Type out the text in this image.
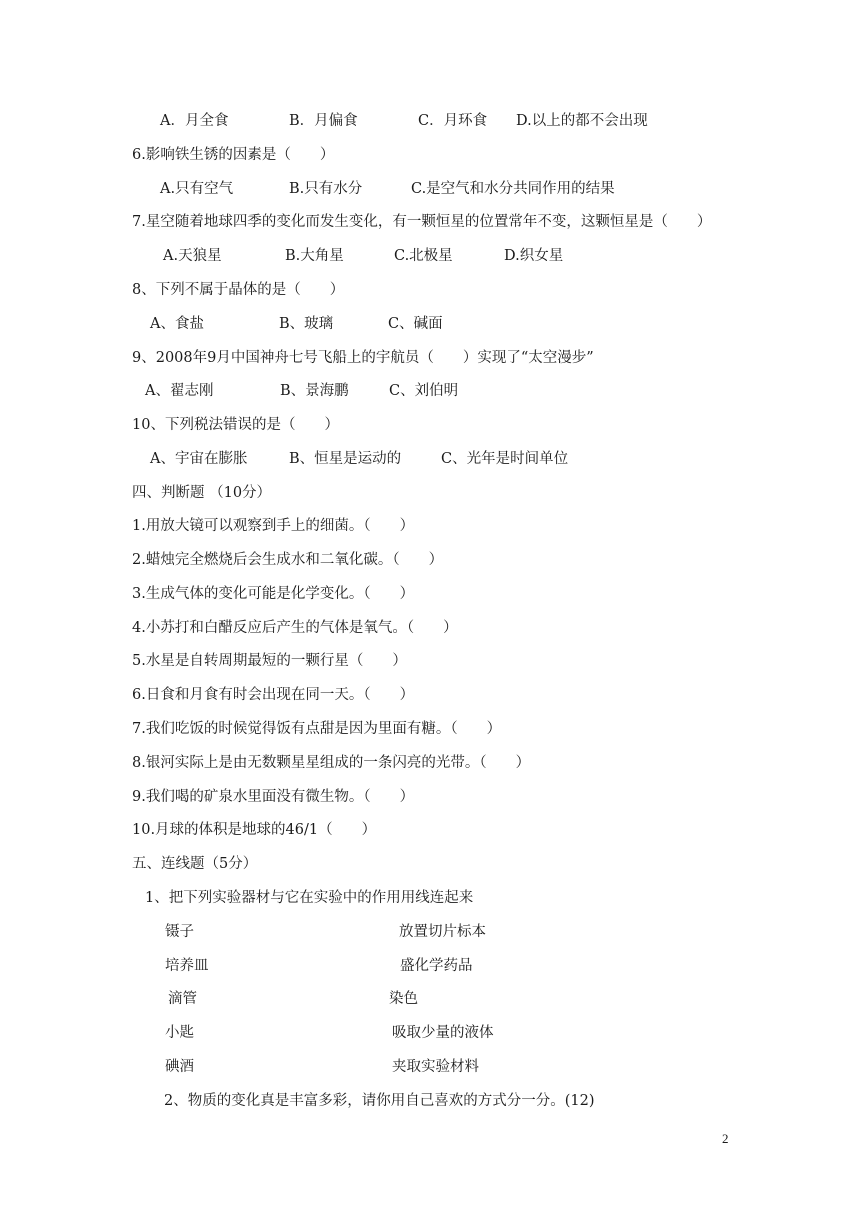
A．月全食	B．月偏食	C．月环食 D.以上的都不会出现
6.影响铁生锈的因素是（　　）
A.只有空气	B.只有水分	C.是空气和水分共同作用的结果
7.星空随着地球四季的变化而发生变化，有一颗恒星的位置常年不变，这颗恒星是（　　）
A.天狼星	B.大角星	C.北极星	D.织女星
8、下列不属于晶体的是（　　）
A、食盐	B、玻璃	C、碱面
9、2008年9月中国神舟七号飞船上的宇航员（　　）实现了“太空漫步”
A、翟志刚	B、景海鹏	C、刘伯明
10、下列税法错误的是（　　）
A、宇宙在膨胀	B、恒星是运动的	C、光年是时间单位
四、判断题 （10分）
1.用放大镜可以观察到手上的细菌。（　　）
2.蜡烛完全燃烧后会生成水和二氧化碳。（　　）
3.生成气体的变化可能是化学变化。（　　）
4.小苏打和白醋反应后产生的气体是氧气。（　　）
5.水星是自转周期最短的一颗行星（　　）
6.日食和月食有时会出现在同一天。（　　）
7.我们吃饭的时候觉得饭有点甜是因为里面有糖。（　　）
8.银河实际上是由无数颗星星组成的一条闪亮的光带。（　　）
9.我们喝的矿泉水里面没有微生物。（　　）
10.月球的体积是地球的46/1（　　）
五、连线题（5分）
1、把下列实验器材与它在实验中的作用用线连起来
镊子	放置切片标本
培养皿	盛化学药品
滴管	染色
小匙	吸取少量的液体
碘酒	夹取实验材料
2、物质的变化真是丰富多彩，请你用自己喜欢的方式分一分。(12)
2
